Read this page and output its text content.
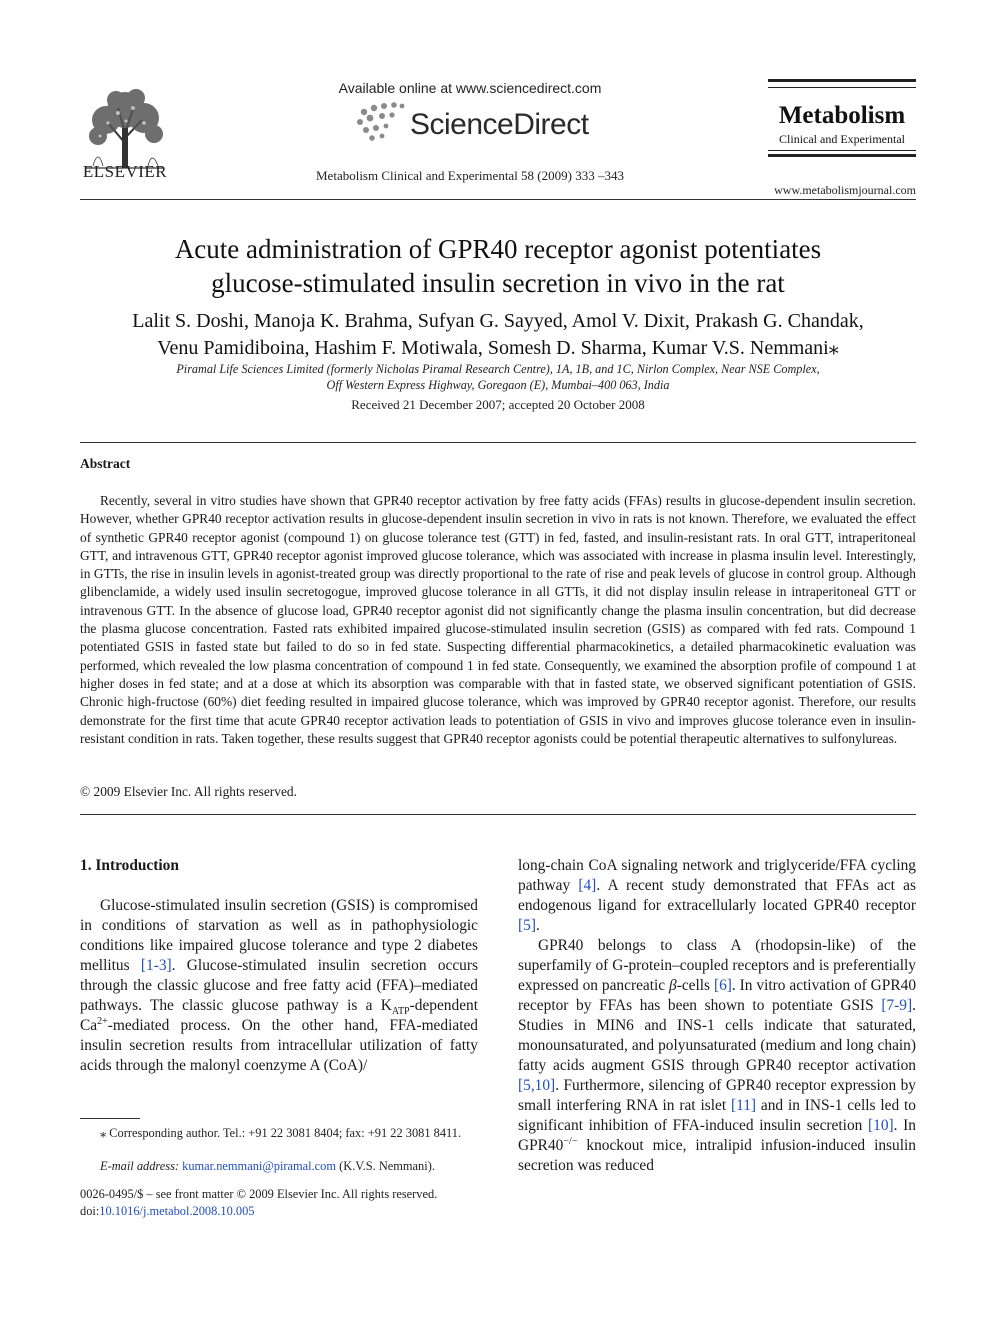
ELSEVIER
Available online at www.sciencedirect.com
ScienceDirect
Metabolism Clinical and Experimental 58 (2009) 333 –343
Metabolism
Clinical and Experimental
www.metabolismjournal.com
Acute administration of GPR40 receptor agonist potentiates
glucose-stimulated insulin secretion in vivo in the rat
Lalit S. Doshi, Manoja K. Brahma, Sufyan G. Sayyed, Amol V. Dixit, Prakash G. Chandak,
Venu Pamidiboina, Hashim F. Motiwala, Somesh D. Sharma, Kumar V.S. Nemmani⁎
Piramal Life Sciences Limited (formerly Nicholas Piramal Research Centre), 1A, 1B, and 1C, Nirlon Complex, Near NSE Complex,
Off Western Express Highway, Goregaon (E), Mumbai–400 063, India
Received 21 December 2007; accepted 20 October 2008
Abstract

Recently, several in vitro studies have shown that GPR40 receptor activation by free fatty acids (FFAs) results in glucose-dependent insulin secretion. However, whether GPR40 receptor activation results in glucose-dependent insulin secretion in vivo in rats is not known. Therefore, we evaluated the effect of synthetic GPR40 receptor agonist (compound 1) on glucose tolerance test (GTT) in fed, fasted, and insulin-resistant rats. In oral GTT, intraperitoneal GTT, and intravenous GTT, GPR40 receptor agonist improved glucose tolerance, which was associated with increase in plasma insulin level. Interestingly, in GTTs, the rise in insulin levels in agonist-treated group was directly proportional to the rate of rise and peak levels of glucose in control group. Although glibenclamide, a widely used insulin secretogogue, improved glucose tolerance in all GTTs, it did not display insulin release in intraperitoneal GTT or intravenous GTT. In the absence of glucose load, GPR40 receptor agonist did not significantly change the plasma insulin concentration, but did decrease the plasma glucose concentration. Fasted rats exhibited impaired glucose-stimulated insulin secretion (GSIS) as compared with fed rats. Compound 1 potentiated GSIS in fasted state but failed to do so in fed state. Suspecting differential pharmacokinetics, a detailed pharmacokinetic evaluation was performed, which revealed the low plasma concentration of compound 1 in fed state. Consequently, we examined the absorption profile of compound 1 at higher doses in fed state; and at a dose at which its absorption was comparable with that in fasted state, we observed significant potentiation of GSIS. Chronic high-fructose (60%) diet feeding resulted in impaired glucose tolerance, which was improved by GPR40 receptor agonist. Therefore, our results demonstrate for the first time that acute GPR40 receptor activation leads to potentiation of GSIS in vivo and improves glucose tolerance even in insulin-resistant condition in rats. Taken together, these results suggest that GPR40 receptor agonists could be potential therapeutic alternatives to sulfonylureas.

© 2009 Elsevier Inc. All rights reserved.
1. Introduction

Glucose-stimulated insulin secretion (GSIS) is compromised in conditions of starvation as well as in pathophysiologic conditions like impaired glucose tolerance and type 2 diabetes mellitus [1-3]. Glucose-stimulated insulin secretion occurs through the classic glucose and free fatty acid (FFA)–mediated pathways. The classic glucose pathway is a $K_{ATP}$-dependent $Ca^{2+}$-mediated process. On the other hand, FFA-mediated insulin secretion results from intracellular utilization of fatty acids through the malonyl coenzyme A (CoA)/

long-chain CoA signaling network and triglyceride/FFA cycling pathway [4]. A recent study demonstrated that FFAs act as endogenous ligand for extracellularly located GPR40 receptor [5].

GPR40 belongs to class A (rhodopsin-like) of the superfamily of G-protein–coupled receptors and is preferentially expressed on pancreatic β-cells [6]. In vitro activation of GPR40 receptor by FFAs has been shown to potentiate GSIS [7-9]. Studies in MIN6 and INS-1 cells indicate that saturated, monounsaturated, and polyunsaturated (medium and long chain) fatty acids augment GSIS through GPR40 receptor activation [5,10]. Furthermore, silencing of GPR40 receptor expression by small interfering RNA in rat islet [11] and in INS-1 cells led to significant inhibition of FFA-induced insulin secretion [10]. In GPR40−/− knockout mice, intralipid infusion-induced insulin secretion was reduced

⁎ Corresponding author. Tel.: +91 22 3081 8404; fax: +91 22 3081 8411.

E-mail address: kumar.nemmani@piramal.com (K.V.S. Nemmani).
0026-0495/$ – see front matter © 2009 Elsevier Inc. All rights reserved.
doi:10.1016/j.metabol.2008.10.005
